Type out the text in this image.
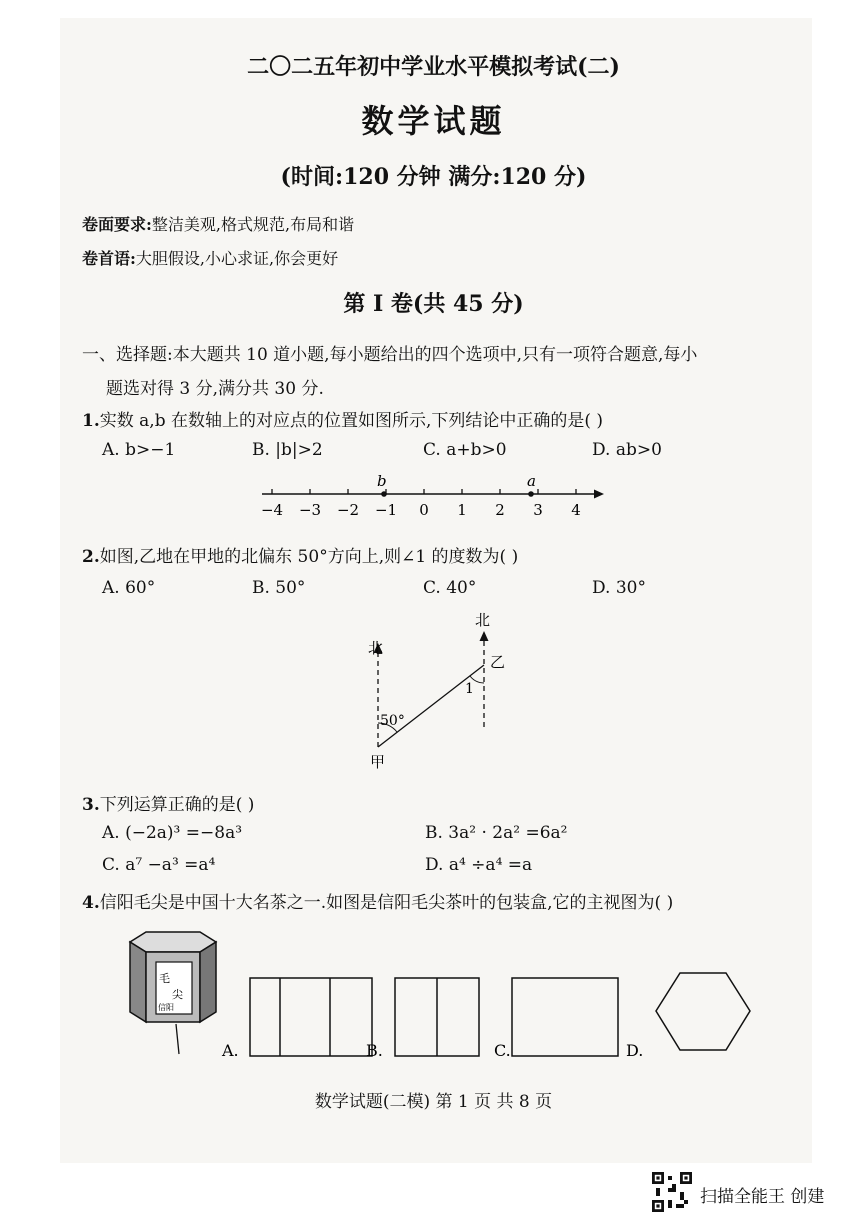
二〇二五年初中学业水平模拟考试(二)
数学试题
(时间:120 分钟 满分:120 分)
卷面要求:整洁美观,格式规范,布局和谐
卷首语:大胆假设,小心求证,你会更好
第 I 卷(共 45 分)
一、选择题:本大题共 10 道小题,每小题给出的四个选项中,只有一项符合题意,每小
题选对得 3 分,满分共 30 分.
1.实数 a,b 在数轴上的对应点的位置如图所示,下列结论中正确的是( )
A. b>−1	B. |b|>2	C. a+b>0	D. ab>0
−4 −3 −2 −1 0 1 2 3 4
b	a
2.如图,乙地在甲地的北偏东 50°方向上,则∠1 的度数为( )
A. 60°	B. 50°	C. 40°	D. 30°
北
北
50°
1
甲
乙
3.下列运算正确的是( )
A. (−2a)³ =−8a³	B. 3a² · 2a² =6a²
C. a⁷ −a³ =a⁴	D. a⁴ ÷a⁴ =a
4.信阳毛尖是中国十大名茶之一.如图是信阳毛尖茶叶的包装盒,它的主视图为( )
毛
尖
信阳
A.	B.	C.	D.
数学试题(二模) 第 1 页 共 8 页
扫描全能王 创建
